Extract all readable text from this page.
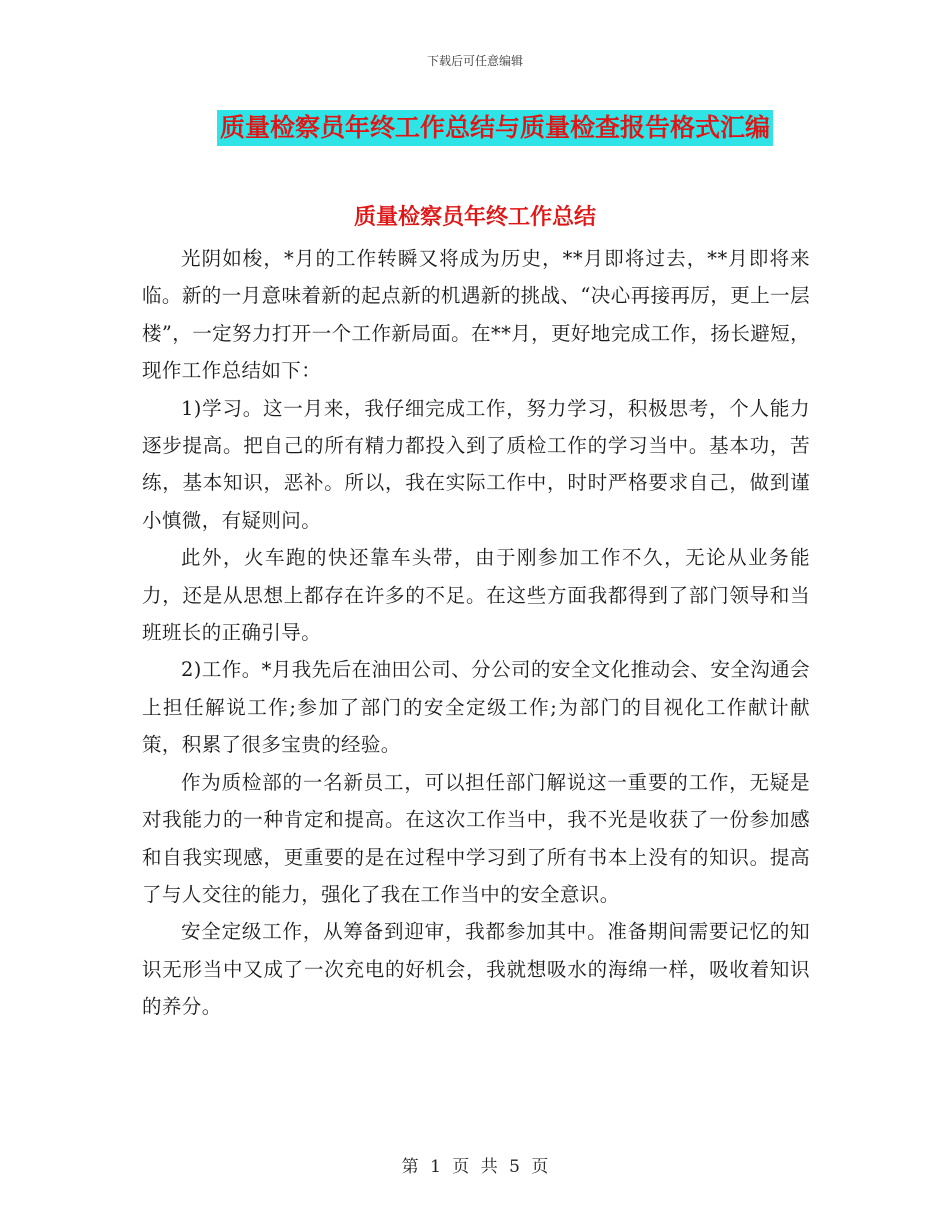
下载后可任意编辑
质量检察员年终工作总结与质量检查报告格式汇编
质量检察员年终工作总结

光阴如梭，*月的工作转瞬又将成为历史，**月即将过去，**月即将来临。新的一月意味着新的起点新的机遇新的挑战、“决心再接再厉，更上一层楼”，一定努力打开一个工作新局面。在**月，更好地完成工作，扬长避短，现作工作总结如下：

1)学习。这一月来，我仔细完成工作，努力学习，积极思考，个人能力逐步提高。把自己的所有精力都投入到了质检工作的学习当中。基本功，苦练，基本知识，恶补。所以，我在实际工作中，时时严格要求自己，做到谨小慎微，有疑则问。

此外，火车跑的快还靠车头带，由于刚参加工作不久，无论从业务能力，还是从思想上都存在许多的不足。在这些方面我都得到了部门领导和当班班长的正确引导。

2)工作。*月我先后在油田公司、分公司的安全文化推动会、安全沟通会上担任解说工作;参加了部门的安全定级工作;为部门的目视化工作献计献策，积累了很多宝贵的经验。

作为质检部的一名新员工，可以担任部门解说这一重要的工作，无疑是对我能力的一种肯定和提高。在这次工作当中，我不光是收获了一份参加感和自我实现感，更重要的是在过程中学习到了所有书本上没有的知识。提高了与人交往的能力，强化了我在工作当中的安全意识。

安全定级工作，从筹备到迎审，我都参加其中。准备期间需要记忆的知识无形当中又成了一次充电的好机会，我就想吸水的海绵一样，吸收着知识的养分。

第 1 页 共 5 页
